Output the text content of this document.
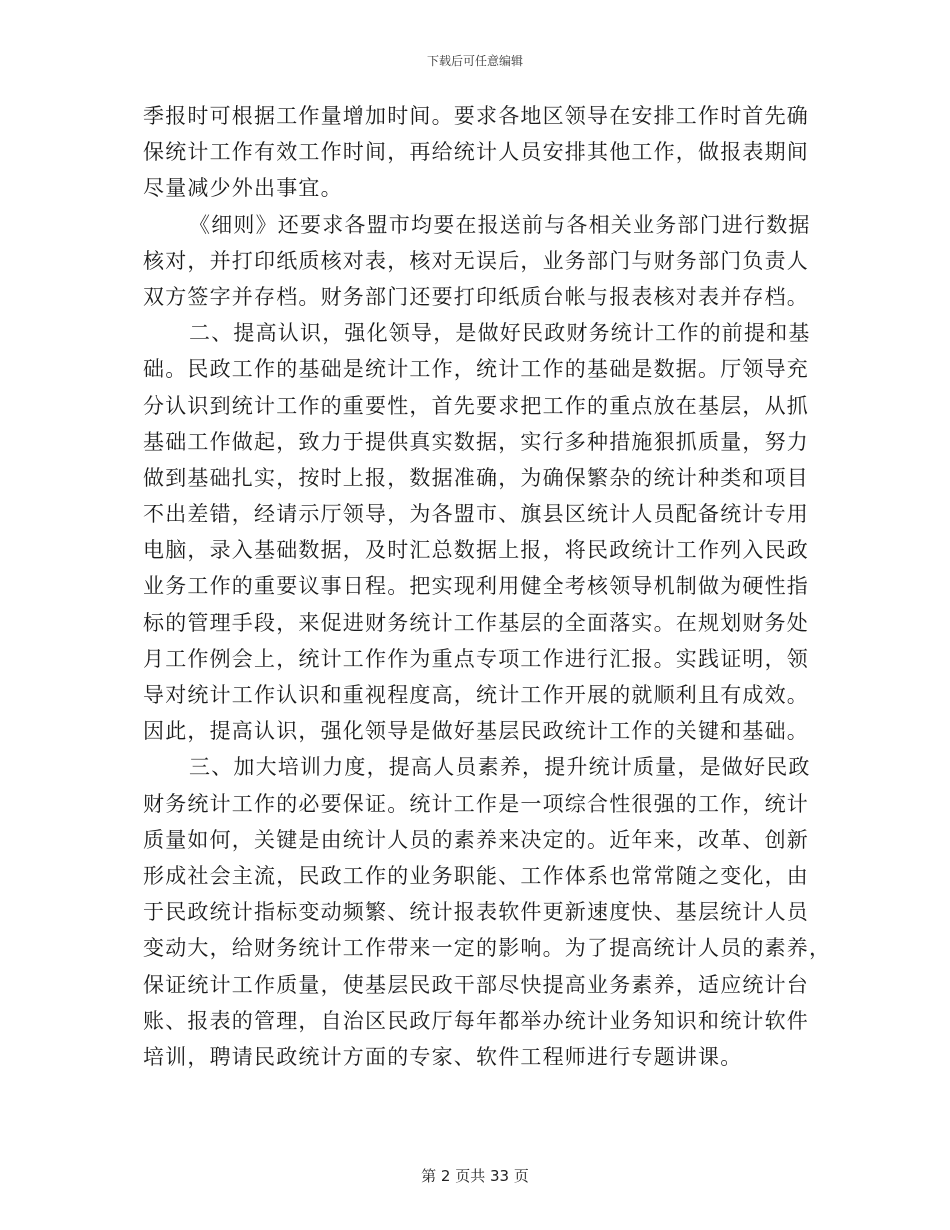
下载后可任意编辑

季报时可根据工作量增加时间。要求各地区领导在安排工作时首先确
保统计工作有效工作时间，再给统计人员安排其他工作，做报表期间
尽量减少外出事宜。

《细则》还要求各盟市均要在报送前与各相关业务部门进行数据
核对，并打印纸质核对表，核对无误后，业务部门与财务部门负责人
双方签字并存档。财务部门还要打印纸质台帐与报表核对表并存档。

二、提高认识，强化领导，是做好民政财务统计工作的前提和基
础。民政工作的基础是统计工作，统计工作的基础是数据。厅领导充
分认识到统计工作的重要性，首先要求把工作的重点放在基层，从抓
基础工作做起，致力于提供真实数据，实行多种措施狠抓质量，努力
做到基础扎实，按时上报，数据准确，为确保繁杂的统计种类和项目
不出差错，经请示厅领导，为各盟市、旗县区统计人员配备统计专用
电脑，录入基础数据，及时汇总数据上报，将民政统计工作列入民政
业务工作的重要议事日程。把实现利用健全考核领导机制做为硬性指
标的管理手段，来促进财务统计工作基层的全面落实。在规划财务处
月工作例会上，统计工作作为重点专项工作进行汇报。实践证明，领
导对统计工作认识和重视程度高，统计工作开展的就顺利且有成效。
因此，提高认识，强化领导是做好基层民政统计工作的关键和基础。

三、加大培训力度，提高人员素养，提升统计质量，是做好民政
财务统计工作的必要保证。统计工作是一项综合性很强的工作，统计
质量如何，关键是由统计人员的素养来决定的。近年来，改革、创新
形成社会主流，民政工作的业务职能、工作体系也常常随之变化，由
于民政统计指标变动频繁、统计报表软件更新速度快、基层统计人员
变动大，给财务统计工作带来一定的影响。为了提高统计人员的素养，
保证统计工作质量，使基层民政干部尽快提高业务素养，适应统计台
账、报表的管理，自治区民政厅每年都举办统计业务知识和统计软件
培训，聘请民政统计方面的专家、软件工程师进行专题讲课。

第 2 页共 33 页
